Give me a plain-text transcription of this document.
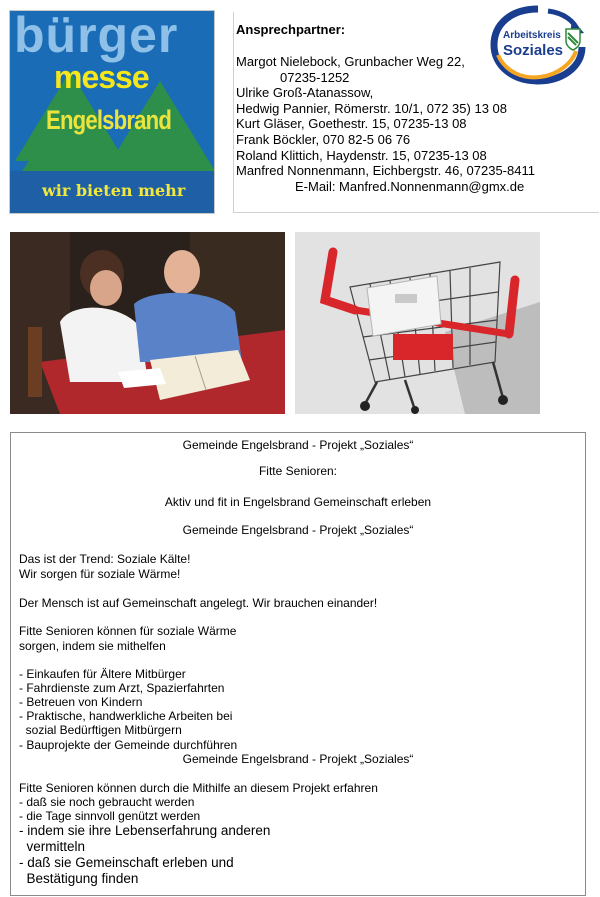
bürger
messe
Engelsbrand
wir bieten mehr
Ansprechpartner:
Margot Nielebock, Grunbacher Weg 22,
07235-1252
Ulrike Groß-Atanassow,
Hedwig Pannier, Römerstr. 10/1, 072 35) 13 08
Kurt Gläser, Goethestr. 15, 07235-13 08
Frank Böckler, 070 82-5 06 76
Roland Klittich, Haydenstr. 15, 07235-13 08
Manfred Nonnenmann, Eichbergstr. 46, 07235-8411
E-Mail: Manfred.Nonnenmann@gmx.de
Arbeitskreis
Soziales
Gemeinde Engelsbrand - Projekt „Soziales“
Fitte Senioren:
Aktiv und fit in Engelsbrand Gemeinschaft erleben
Gemeinde Engelsbrand - Projekt „Soziales“
Das ist der Trend: Soziale Kälte!
Wir sorgen für soziale Wärme!
Der Mensch ist auf Gemeinschaft angelegt. Wir brauchen einander!
Fitte Senioren können für soziale Wärme
sorgen, indem sie mithelfen
- Einkaufen für Ältere Mitbürger
- Fahrdienste zum Arzt, Spazierfahrten
- Betreuen von Kindern
- Praktische, handwerkliche Arbeiten bei
sozial Bedürftigen Mitbürgern
- Bauprojekte der Gemeinde durchführen
Gemeinde Engelsbrand - Projekt „Soziales“
Fitte Senioren können durch die Mithilfe an diesem Projekt erfahren
- daß sie noch gebraucht werden
- die Tage sinnvoll genützt werden
- indem sie ihre Lebenserfahrung anderen
vermitteln
- daß sie Gemeinschaft erleben und
Bestätigung finden
